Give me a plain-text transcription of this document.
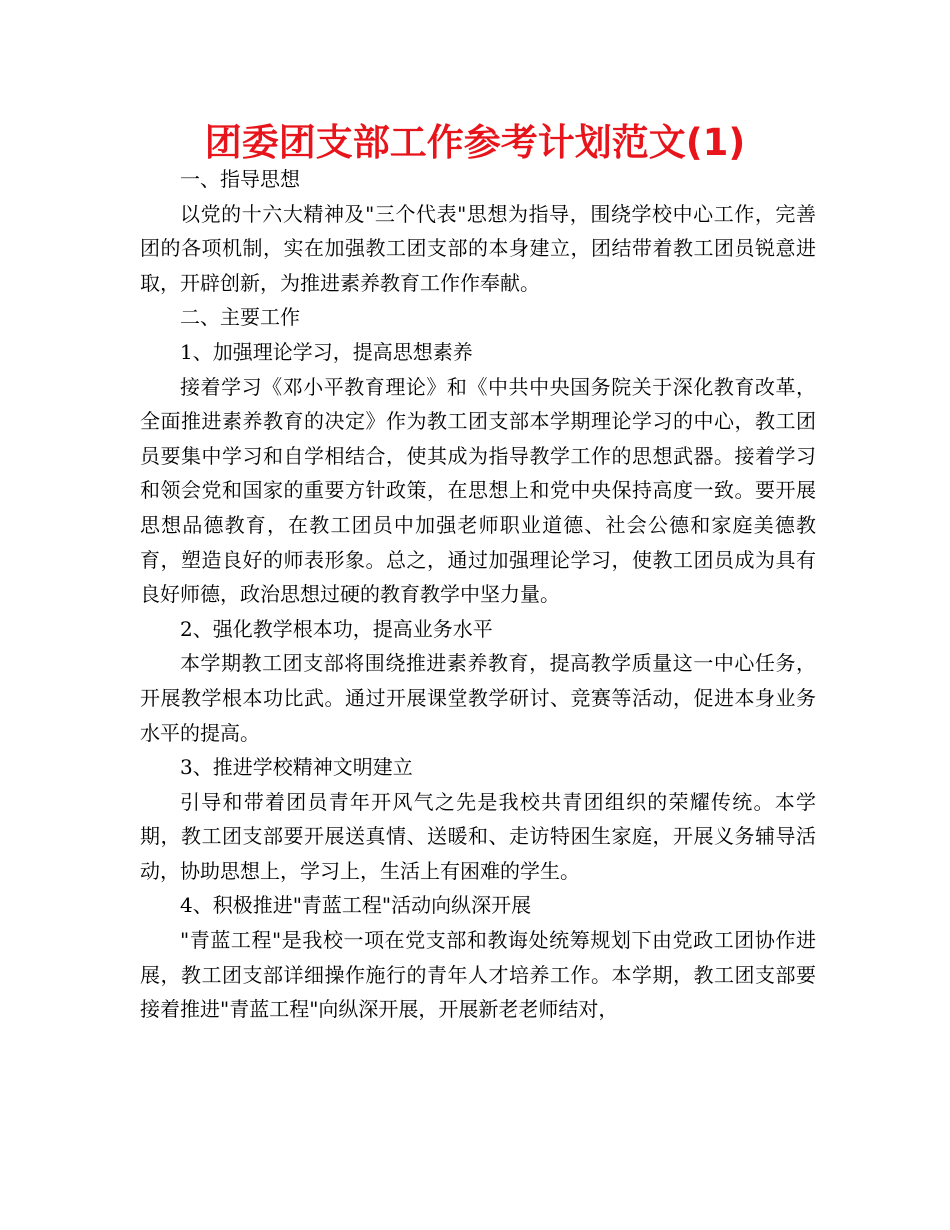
团委团支部工作参考计划范文(1)

一、指导思想

以党的十六大精神及"三个代表"思想为指导，围绕学校中心工作，完善团的各项机制，实在加强教工团支部的本身建立，团结带着教工团员锐意进取，开辟创新，为推进素养教育工作作奉献。

二、主要工作

1、加强理论学习，提高思想素养

接着学习《邓小平教育理论》和《中共中央国务院关于深化教育改革，全面推进素养教育的决定》作为教工团支部本学期理论学习的中心，教工团员要集中学习和自学相结合，使其成为指导教学工作的思想武器。接着学习和领会党和国家的重要方针政策，在思想上和党中央保持高度一致。要开展思想品德教育，在教工团员中加强老师职业道德、社会公德和家庭美德教育，塑造良好的师表形象。总之，通过加强理论学习，使教工团员成为具有良好师德，政治思想过硬的教育教学中坚力量。

2、强化教学根本功，提高业务水平

本学期教工团支部将围绕推进素养教育，提高教学质量这一中心任务，开展教学根本功比武。通过开展课堂教学研讨、竞赛等活动，促进本身业务水平的提高。

3、推进学校精神文明建立

引导和带着团员青年开风气之先是我校共青团组织的荣耀传统。本学期，教工团支部要开展送真情、送暖和、走访特困生家庭，开展义务辅导活动，协助思想上，学习上，生活上有困难的学生。

4、积极推进"青蓝工程"活动向纵深开展

"青蓝工程"是我校一项在党支部和教诲处统筹规划下由党政工团协作进展，教工团支部详细操作施行的青年人才培养工作。本学期，教工团支部要接着推进"青蓝工程"向纵深开展，开展新老老师结对，
